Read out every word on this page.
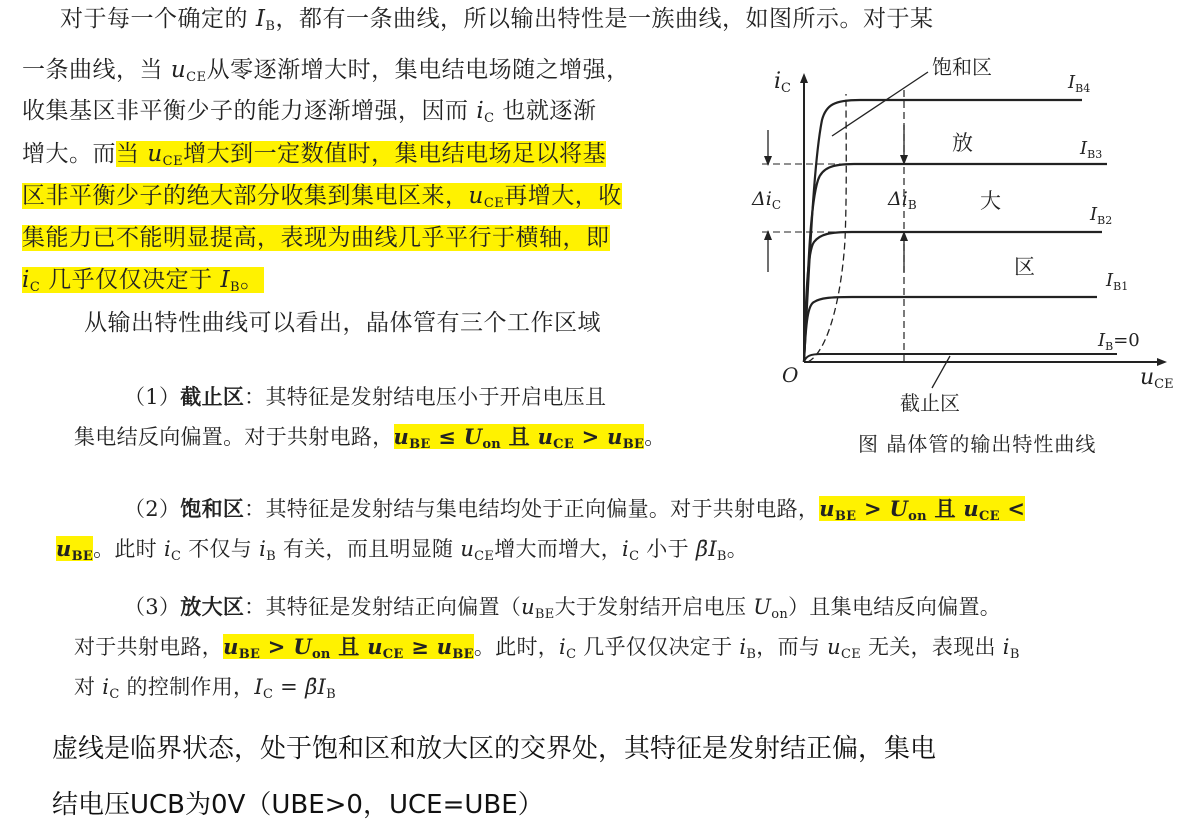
对于每一个确定的 $I_B$，都有一条曲线，所以输出特性是一族曲线，如图所示。对于某
一条曲线，当 $u_{CE}$从零逐渐增大时，集电结电场随之增强，
收集基区非平衡少子的能力逐渐增强，因而 $i_C$ 也就逐渐
增大。而当 $u_{CE}$增大到一定数值时，集电结电场足以将基
区非平衡少子的绝大部分收集到集电区来，$u_{CE}$再增大，收
集能力已不能明显提高，表现为曲线几乎平行于横轴，即
$i_C$ 几乎仅仅决定于 $I_B$。
从输出特性曲线可以看出，晶体管有三个工作区域
（1）截止区：其特征是发射结电压小于开启电压且
集电结反向偏置。对于共射电路，$u_{BE} \le U_{on}$ 且 $u_{CE} > u_{BE}$。
（2）饱和区：其特征是发射结与集电结均处于正向偏量。对于共射电路，$u_{BE} > U_{on}$ 且 $u_{CE}$ <
$u_{BE}$。此时 $i_C$ 不仅与 $i_B$ 有关，而且明显随 $u_{CE}$增大而增大，$i_C$ 小于 $\betāI_B$。
（3）放大区：其特征是发射结正向偏置（$u_{BE}$大于发射结开启电压 $U_{on}$）且集电结反向偏置。
对于共射电路，$u_{BE} > U_{on}$ 且 $u_{CE} \ge u_{BE}$。此时，$i_C$ 几乎仅仅决定于 $i_B$，而与 $u_{CE}$ 无关，表现出 $i_B$
对 $i_C$ 的控制作用，$I_C$ = $\betāI_B$
iC
uCE
O
$\Delta i_C$	$\Delta i_B$
饱和区
截止区
放
大
区
$I_{B4}$
$I_{B3}$
$I_{B2}$
$I_{B1}$
$I_B=0$
图 晶体管的输出特性曲线
虚线是临界状态，处于饱和区和放大区的交界处，其特征是发射结正偏，集电
结电压UCB为0V（UBE>0，UCE=UBE）
